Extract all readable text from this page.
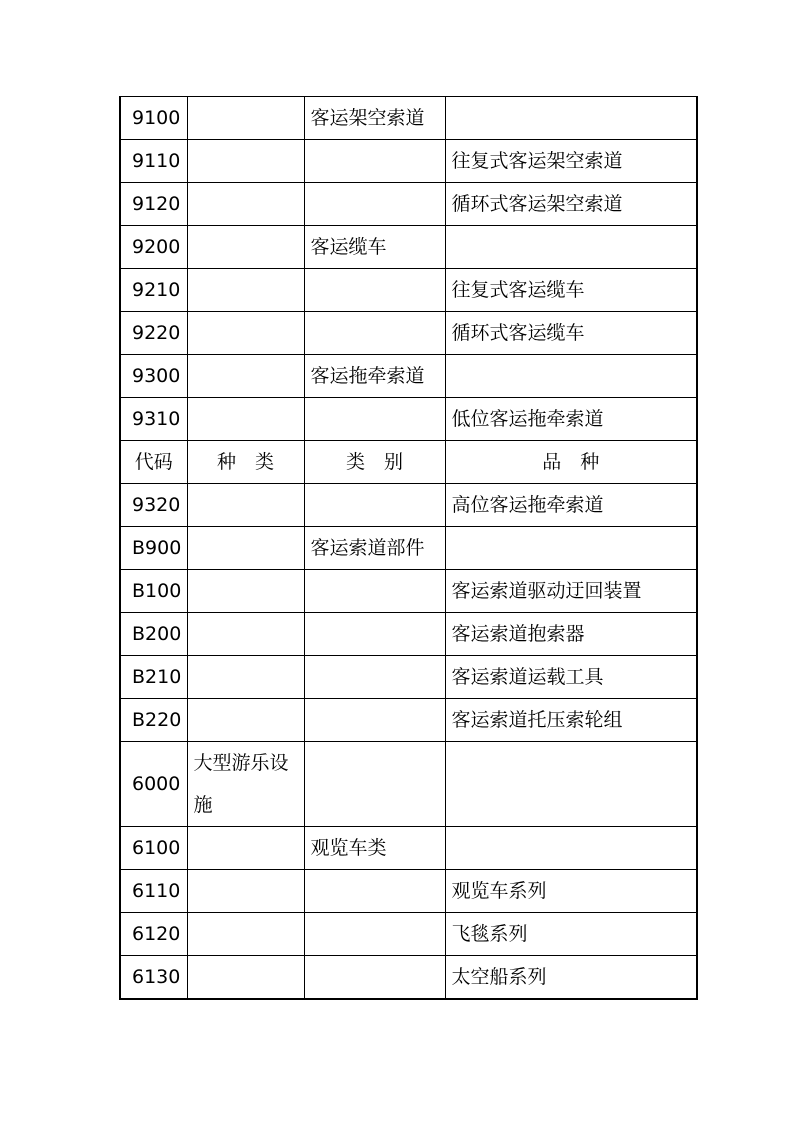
9100		客运架空索道	
9110			往复式客运架空索道
9120			循环式客运架空索道
9200		客运缆车	
9210			往复式客运缆车
9220			循环式客运缆车
9300		客运拖牵索道	
9310			低位客运拖牵索道
代码	种　类	类　别	品　种
9320			高位客运拖牵索道
B900		客运索道部件	
B100			客运索道驱动迂回装置
B200			客运索道抱索器
B210			客运索道运载工具
B220			客运索道托压索轮组
6000	大型游乐设施		
6100		观览车类	
6110			观览车系列
6120			飞毯系列
6130			太空船系列
